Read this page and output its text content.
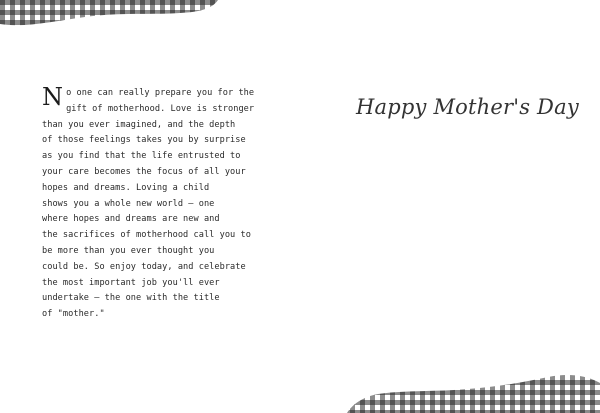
N o one can really prepare you for the
gift of motherhood. Love is stronger
than you ever imagined, and the depth
of those feelings takes you by surprise
as you find that the life entrusted to
your care becomes the focus of all your
hopes and dreams. Loving a child
shows you a whole new world — one
where hopes and dreams are new and
the sacrifices of motherhood call you to
be more than you ever thought you
could be. So enjoy today, and celebrate
the most important job you'll ever
undertake — the one with the title
of "mother."
Happy Mother's Day
